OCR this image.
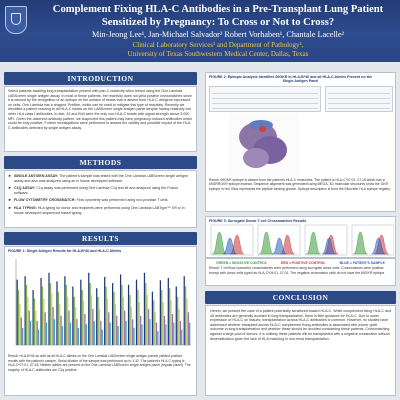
Complement Fixing HLA-C Antibodies in a Pre-Transplant Lung Patient Sensitized by Pregnancy: To Cross or Not to Cross?
Min-Jeong Lee¹, Jan-Michael Salvador² Robert Vorhaben¹, Chantale Lacelle²
Clinical Laboratory Services¹ and Department of Pathology²,
University of Texas Southwestern Medical Center, Dallas, Texas
INTRODUCTION
Select patients awaiting lung transplantation present with pan-C reactivity when tested using the One Lambda LABScreen single antigen assay. In most of these patients, the reactivity does not yield positive crossmatches since it is caused by the recognition of an epitope on the surface of beads that is absent from HLA-C antigens expressed on cells. One Lambda has a reagent, Prefilter, which can be used to mitigate this type of reactivity. Recently we identified a patient reacting to all HLA-C beads on the LABScreen single antigen panel despite having relatively low other HLA class I antibodies. In fact, 43 and B44 were the only non-HLA-C beads with signal strength above 5,000 MFI. Given the observed antibody pattern, we suspected this patient may have pregnancy-induced antibodies which could be truly positive. Further investigations were performed to assess the validity and possible impact of the HLA-C antibodies detected by single antigen assay.
METHODS
► SINGLE ANTIGEN ASSAY: The patient's sample was tested with the One Lambda LABScreen single antigen assay and also was analyzed using an in house developed software.
► C1Q ASSAY: C1q assay was performed using One Lambda C1q test kit and analyzed using the Fusion software.
► FLOW CYTOMETRY CROSSMATCH: Flow cytometry was performed using non-pronase T cells.
► HLA TYPING: HLA typing for donor and recipients were performed using One Lambda LABType™ XR or in house developed sequenced based typing.
RESULTS
FIGURE 1: Single Antigen Results for HLA-B*46 and HLA-C Alleles
Result: HLA-B*46 as well as all HLA-C alleles on the One Lambda LABScreen single antigen panels yielded positive results with the patient's sample. Serial dilution of the sample was performed up to 1:32. The patient's HLA-C typing is HLA-C*07:01, 07:18. Neither alleles are present on the One Lambda LABScreen single antigen panel (regular panel). The majority of HLA-C antibodies are C1q positive.
FIGURE 2: Epitopic Analysis Identifies 69GKR in HLA-B*46 and all HLA-C Alleles Present on the
Single Antigen Panel
Result: 69GKR epitope is absent from the patient's HLA-C molecules. The patient is HLA-C*07:01, 07:18 which has a 69GRRGKR epitope instead. Sequence alignment was generated using MEGA. 3D molecular structures show the GKR epitope in red. Blue represents the peptide binding groove. Epitope description is from the Eliscrider HLA epitope registry.
FIGURE 3: Surrogate Donor T cell Crossmatches Results
GREEN = NEGATIVE CONTROL	RED = POSITIVE CONTROL	BLUE = PATIENT'S SAMPLE
Result: T cell flow cytometry crossmatches were performed using surrogate donor cells. Crossmatches were positive except with donor cells typed as HLA-C*04:01, 07:01. The negative crossmatch cells do not have the 69GKR epitope.
CONCLUSION
Herein, we present the case of a patient potentially sensitized toward HLA-C. While complement fixing HLA-C and 45 antibodies are generally avoided in lung transplantation, there is little guidance for HLA-C. Due to lower expression of HLA-C on tissues, transplantation across HLA-C antibodies is common. However, no studies have addressed whether transplant across HLA-C complement fixing antibodies is associated with poorer graft outcome in lung transplantation and whether these should be avoided considering these patients. Crossmatching against a large pool of donors, it is unlikely these patients will be transplanted with a negative crossmatch without desensitization given the lack of HLA matching in non-renal transplantation.
